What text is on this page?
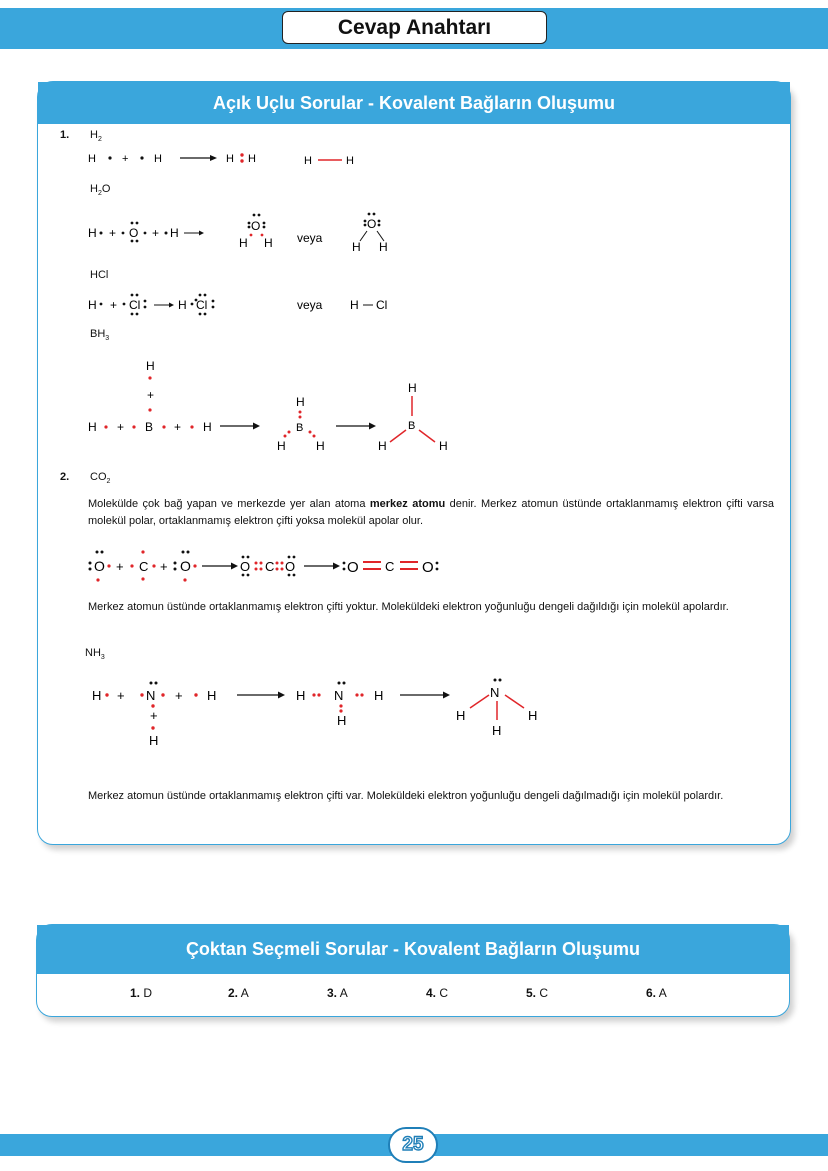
Cevap Anahtarı
Açık Uçlu Sorular - Kovalent Bağların Oluşumu
1. $H_2$
H + H	H H	H	H
$H_2O$
H + O + H	O
H H veya
O
H H
HCl
H + Cl	H Cl	veya H Cl
$BH_3$
H
+
H + B + H
H
B
H	H
H
B
H	H
2. $CO_2$
Molekülde çok bağ yapan ve merkezde yer alan atoma merkez atomu denir. Merkez atomun üstünde ortaklanmamış elektron çifti varsa molekül polar, ortaklanmamış elektron çifti yoksa molekül apolar olur.
O + C + O	O C O	O C O
Merkez atomun üstünde ortaklanmamış elektron çifti yoktur. Moleküldeki elektron yoğunluğu dengeli dağıldığı için molekül apolardır.
$NH_3$
H + N
+
H
+ H	H N
H
H	N
H	H
H
Merkez atomun üstünde ortaklanmamış elektron çifti var. Moleküldeki elektron yoğunluğu dengeli dağılmadığı için molekül polardır.
Çoktan Seçmeli Sorular - Kovalent Bağların Oluşumu
1. D	2. A	3. A	4. C	5. C	6. A
25
